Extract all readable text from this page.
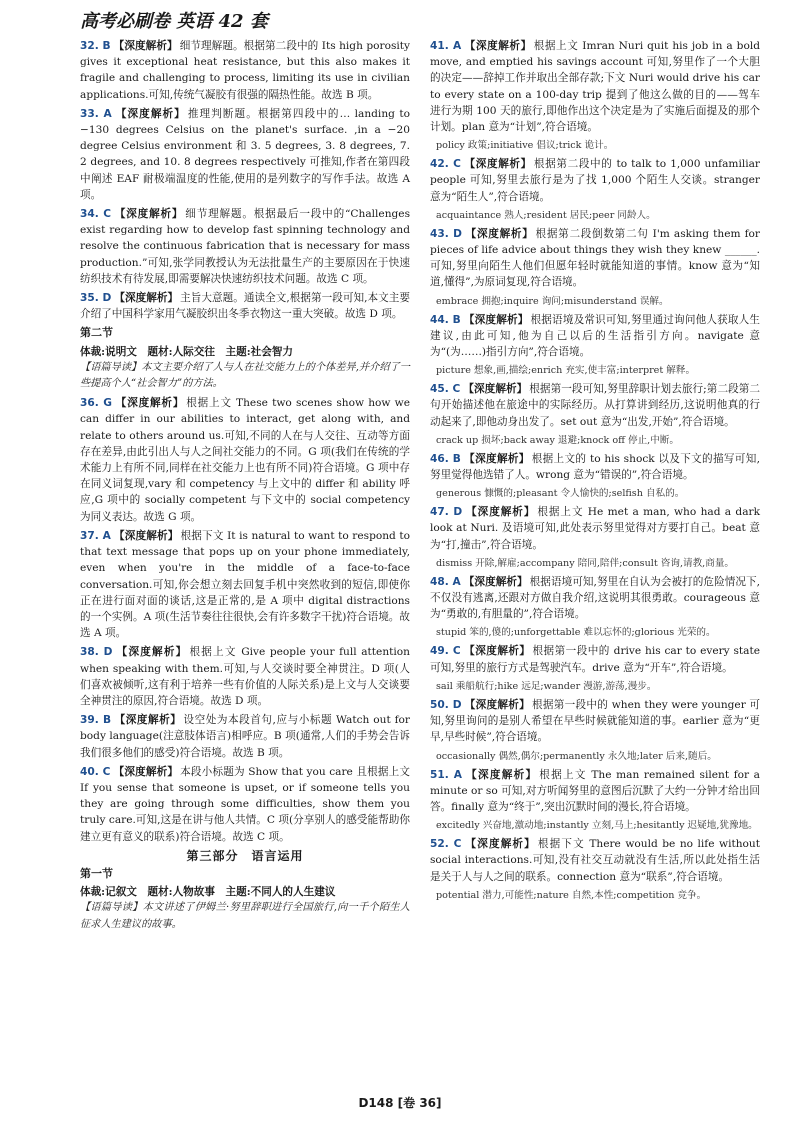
高考必刷卷 英语 42 套
32. B 【深度解析】 细节理解题。根据第二段中的 Its high porosity gives it exceptional heat resistance, but this also makes it fragile and challenging to process, limiting its use in civilian applications.可知,传统气凝胶有很强的隔热性能。故选 B 项。
33. A 【深度解析】 推理判断题。根据第四段中的… landing to −130 degrees Celsius on the planet's surface. ,in a −20 degree Celsius environment 和 3. 5 degrees, 3. 8 degrees, 7. 2 degrees, and 10. 8 degrees respectively 可推知,作者在第四段中阐述 EAF 耐极端温度的性能,使用的是列数字的写作手法。故选 A 项。
34. C 【深度解析】 细节理解题。根据最后一段中的“Challenges exist regarding how to develop fast spinning technology and resolve the continuous fabrication that is necessary for mass production.”可知,张学同教授认为无法批量生产的主要原因在于快速纺织技术有待发展,即需要解决快速纺织技术问题。故选 C 项。
35. D 【深度解析】 主旨大意题。通读全文,根据第一段可知,本文主要介绍了中国科学家用气凝胶织出冬季衣物这一重大突破。故选 D 项。
第二节
体裁:说明文　题材:人际交往　主题:社会智力
【语篇导读】本文主要介绍了人与人在社交能力上的个体差异,并介绍了一些提高个人“社会智力”的方法。
36. G 【深度解析】 根据上文 These two scenes show how we can differ in our abilities to interact, get along with, and relate to others around us.可知,不同的人在与人交往、互动等方面存在差异,由此引出人与人之间社交能力的不同。G 项(我们在传统的学术能力上有所不同,同样在社交能力上也有所不同)符合语境。G 项中存在同义词复现,vary 和 competency 与上文中的 differ 和 ability 呼应,G 项中的 socially competent 与下文中的 social competency 为同义表达。故选 G 项。
37. A 【深度解析】 根据下文 It is natural to want to respond to that text message that pops up on your phone immediately, even when you're in the middle of a face-to-face conversation.可知,你会想立刻去回复手机中突然收到的短信,即使你正在进行面对面的谈话,这是正常的,是 A 项中 digital distractions 的一个实例。A 项(生活节奏往往很快,会有许多数字干扰)符合语境。故选 A 项。
38. D 【深度解析】 根据上文 Give people your full attention when speaking with them.可知,与人交谈时要全神贯注。D 项(人们喜欢被倾听,这有利于培养一些有价值的人际关系)是上文与人交谈要全神贯注的原因,符合语境。故选 D 项。
39. B 【深度解析】 设空处为本段首句,应与小标题 Watch out for body language(注意肢体语言)相呼应。B 项(通常,人们的手势会告诉我们很多他们的感受)符合语境。故选 B 项。
40. C 【深度解析】 本段小标题为 Show that you care 且根据上文 If you sense that someone is upset, or if someone tells you they are going through some difficulties, show them you truly care.可知,这是在讲与他人共情。C 项(分享别人的感受能帮助你建立更有意义的联系)符合语境。故选 C 项。
第三部分　语言运用
第一节
体裁:记叙文　题材:人物故事　主题:不同人的人生建议
【语篇导读】本文讲述了伊姆兰·努里辞职进行全国旅行,向一千个陌生人征求人生建议的故事。
41. A 【深度解析】 根据上文 Imran Nuri quit his job in a bold move, and emptied his savings account 可知,努里作了一个大胆的决定——辞掉工作并取出全部存款;下文 Nuri would drive his car to every state on a 100-day trip 提到了他这么做的目的——驾车进行为期 100 天的旅行,即他作出这个决定是为了实施后面提及的那个计划。plan 意为“计划”,符合语境。
policy 政策;initiative 倡议;trick 诡计。
42. C 【深度解析】 根据第二段中的 to talk to 1,000 unfamiliar people 可知,努里去旅行是为了找 1,000 个陌生人交谈。stranger 意为“陌生人”,符合语境。
acquaintance 熟人;resident 居民;peer 同龄人。
43. D 【深度解析】 根据第二段倒数第二句 I'm asking them for pieces of life advice about things they wish they knew ______. 可知,努里向陌生人他们但愿年轻时就能知道的事情。know 意为“知道,懂得”,为原词复现,符合语境。
embrace 拥抱;inquire 询问;misunderstand 误解。
44. B 【深度解析】 根据语境及常识可知,努里通过询问他人获取人生建议,由此可知,他为自己以后的生活指引方向。navigate 意为“(为……)指引方向”,符合语境。
picture 想象,画,描绘;enrich 充实,使丰富;interpret 解释。
45. C 【深度解析】 根据第一段可知,努里辞职计划去旅行;第二段第二句开始描述他在旅途中的实际经历。从打算讲到经历,这说明他真的行动起来了,即他动身出发了。set out 意为“出发,开始”,符合语境。
crack up 损坏;back away 退避;knock off 停止,中断。
46. B 【深度解析】 根据上文的 to his shock 以及下文的描写可知,努里觉得他选错了人。wrong 意为“错误的”,符合语境。
generous 慷慨的;pleasant 令人愉快的;selfish 自私的。
47. D 【深度解析】 根据上文 He met a man, who had a dark look at Nuri. 及语境可知,此处表示努里觉得对方要打自己。beat 意为“打,撞击”,符合语境。
dismiss 开除,解雇;accompany 陪同,陪伴;consult 咨询,请教,商量。
48. A 【深度解析】 根据语境可知,努里在自认为会被打的危险情况下,不仅没有逃离,还跟对方做自我介绍,这说明其很勇敢。courageous 意为“勇敢的,有胆量的”,符合语境。
stupid 笨的,傻的;unforgettable 难以忘怀的;glorious 光荣的。
49. C 【深度解析】 根据第一段中的 drive his car to every state 可知,努里的旅行方式是驾驶汽车。drive 意为“开车”,符合语境。
sail 乘船航行;hike 远足;wander 漫游,游荡,漫步。
50. D 【深度解析】 根据第一段中的 when they were younger 可知,努里询问的是别人希望在早些时候就能知道的事。earlier 意为“更早,早些时候”,符合语境。
occasionally 偶然,偶尔;permanently 永久地;later 后来,随后。
51. A 【深度解析】 根据上文 The man remained silent for a minute or so 可知,对方听闻努里的意图后沉默了大约一分钟才给出回答。finally 意为“终于”,突出沉默时间的漫长,符合语境。
excitedly 兴奋地,激动地;instantly 立刻,马上;hesitantly 迟疑地,犹豫地。
52. C 【深度解析】 根据下文 There would be no life without social interactions.可知,没有社交互动就没有生活,所以此处指生活是关于人与人之间的联系。connection 意为“联系”,符合语境。
potential 潜力,可能性;nature 自然,本性;competition 竞争。
D148 [卷 36]
